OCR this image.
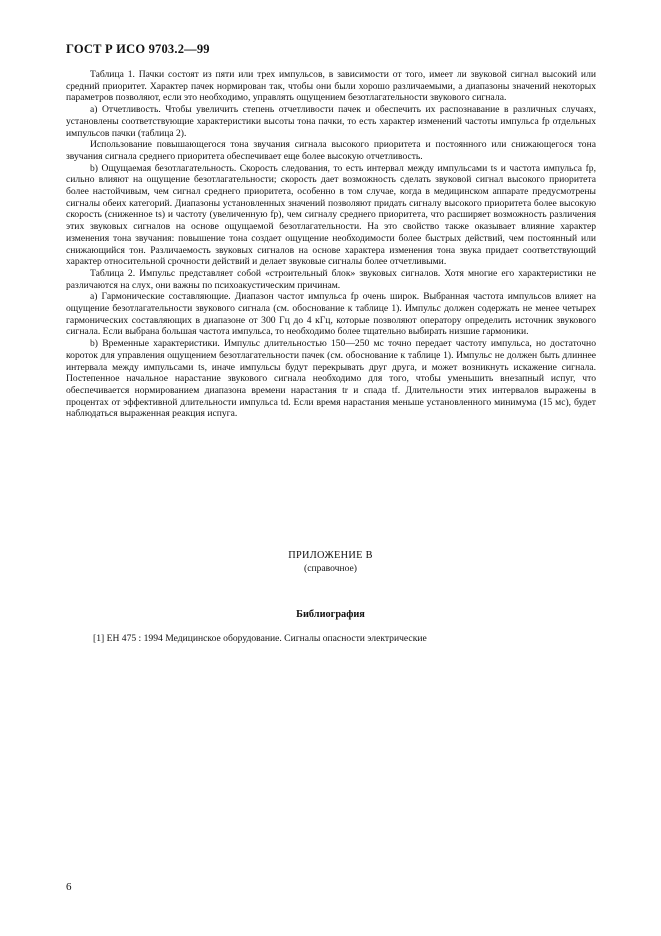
ГОСТ Р ИСО 9703.2—99

Таблица 1. Пачки состоят из пяти или трех импульсов, в зависимости от того, имеет ли звуковой сигнал высокий или средний приоритет. Характер пачек нормирован так, чтобы они были хорошо различаемыми, а диапазоны значений некоторых параметров позволяют, если это необходимо, управлять ощущением безотлагательности звукового сигнала.

а) Отчетливость. Чтобы увеличить степень отчетливости пачек и обеспечить их распознавание в различных случаях, установлены соответствующие характеристики высоты тона пачки, то есть характер изменений частоты импульса fp отдельных импульсов пачки (таблица 2).

Использование повышающегося тона звучания сигнала высокого приоритета и постоянного или снижающегося тона звучания сигнала среднего приоритета обеспечивает еще более высокую отчетливость.

b) Ощущаемая безотлагательность. Скорость следования, то есть интервал между импульсами ts и частота импульса fp, сильно влияют на ощущение безотлагательности; скорость дает возможность сделать звуковой сигнал высокого приоритета более настойчивым, чем сигнал среднего приоритета, особенно в том случае, когда в медицинском аппарате предусмотрены сигналы обеих категорий. Диапазоны установленных значений позволяют придать сигналу высокого приоритета более высокую скорость (сниженное ts) и частоту (увеличенную fp), чем сигналу среднего приоритета, что расширяет возможность различения этих звуковых сигналов на основе ощущаемой безотлагательности. На это свойство также оказывает влияние характер изменения тона звучания: повышение тона создает ощущение необходимости более быстрых действий, чем постоянный или снижающийся тон. Различаемость звуковых сигналов на основе характера изменения тона звука придает соответствующий характер относительной срочности действий и делает звуковые сигналы более отчетливыми.

Таблица 2. Импульс представляет собой «строительный блок» звуковых сигналов. Хотя многие его характеристики не различаются на слух, они важны по психоакустическим причинам.

а) Гармонические составляющие. Диапазон частот импульса fp очень широк. Выбранная частота импульсов влияет на ощущение безотлагательности звукового сигнала (см. обоснование к таблице 1). Импульс должен содержать не менее четырех гармонических составляющих в диапазоне от 300 Гц до 4 кГц, которые позволяют оператору определить источник звукового сигнала. Если выбрана большая частота импульса, то необходимо более тщательно выбирать низшие гармоники.

b) Временные характеристики. Импульс длительностью 150—250 мс точно передает частоту импульса, но достаточно короток для управления ощущением безотлагательности пачек (см. обоснование к таблице 1). Импульс не должен быть длиннее интервала между импульсами ts, иначе импульсы будут перекрывать друг друга, и может возникнуть искажение сигнала. Постепенное начальное нарастание звукового сигнала необходимо для того, чтобы уменьшить внезапный испуг, что обеспечивается нормированием диапазона времени нарастания tr и спада tf. Длительности этих интервалов выражены в процентах от эффективной длительности импульса td. Если время нарастания меньше установленного минимума (15 мс), будет наблюдаться выраженная реакция испуга.

ПРИЛОЖЕНИЕ В
(справочное)
Библиография
[1] ЕН 475 : 1994 Медицинское оборудование. Сигналы опасности электрические
6
